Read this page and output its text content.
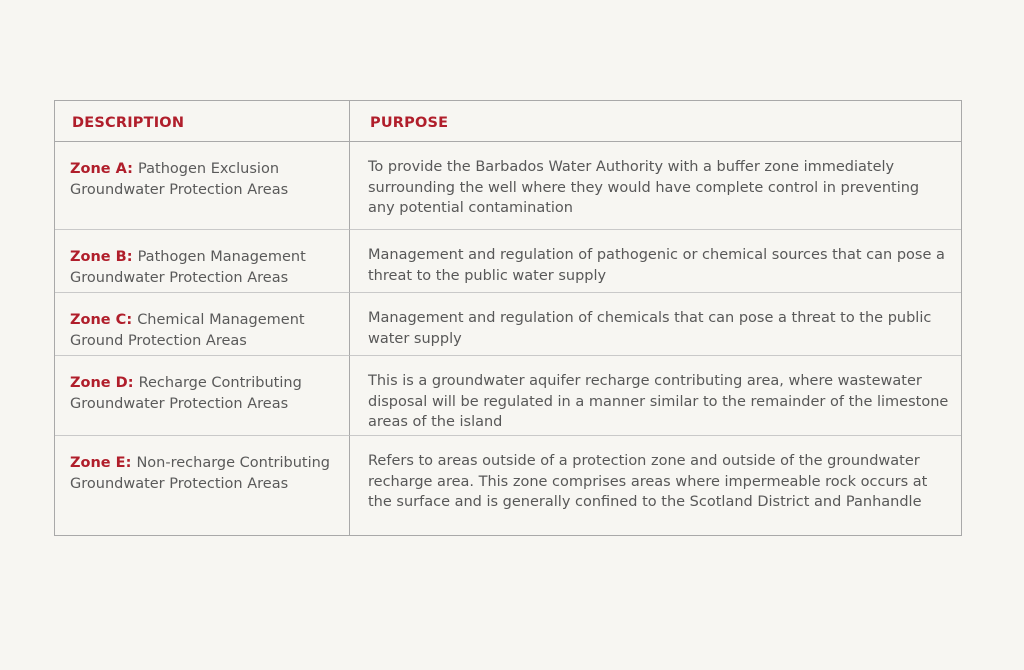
DESCRIPTION	PURPOSE
Zone A: Pathogen Exclusion
Groundwater Protection Areas
To provide the Barbados Water Authority with a buffer zone immediately surrounding the well where they would have complete control in preventing any potential contamination
Zone B: Pathogen Management
Groundwater Protection Areas
Management and regulation of pathogenic or chemical sources that can pose a threat to the public water supply
Zone C: Chemical Management
Ground Protection Areas
Management and regulation of chemicals that can pose a threat to the public water supply
Zone D: Recharge Contributing
Groundwater Protection Areas
This is a groundwater aquifer recharge contributing area, where wastewater disposal will be regulated in a manner similar to the remainder of the limestone areas of the island
Zone E: Non-recharge Contributing
Groundwater Protection Areas
Refers to areas outside of a protection zone and outside of the groundwater recharge area. This zone comprises areas where impermeable rock occurs at the surface and is generally confined to the Scotland District and Panhandle
